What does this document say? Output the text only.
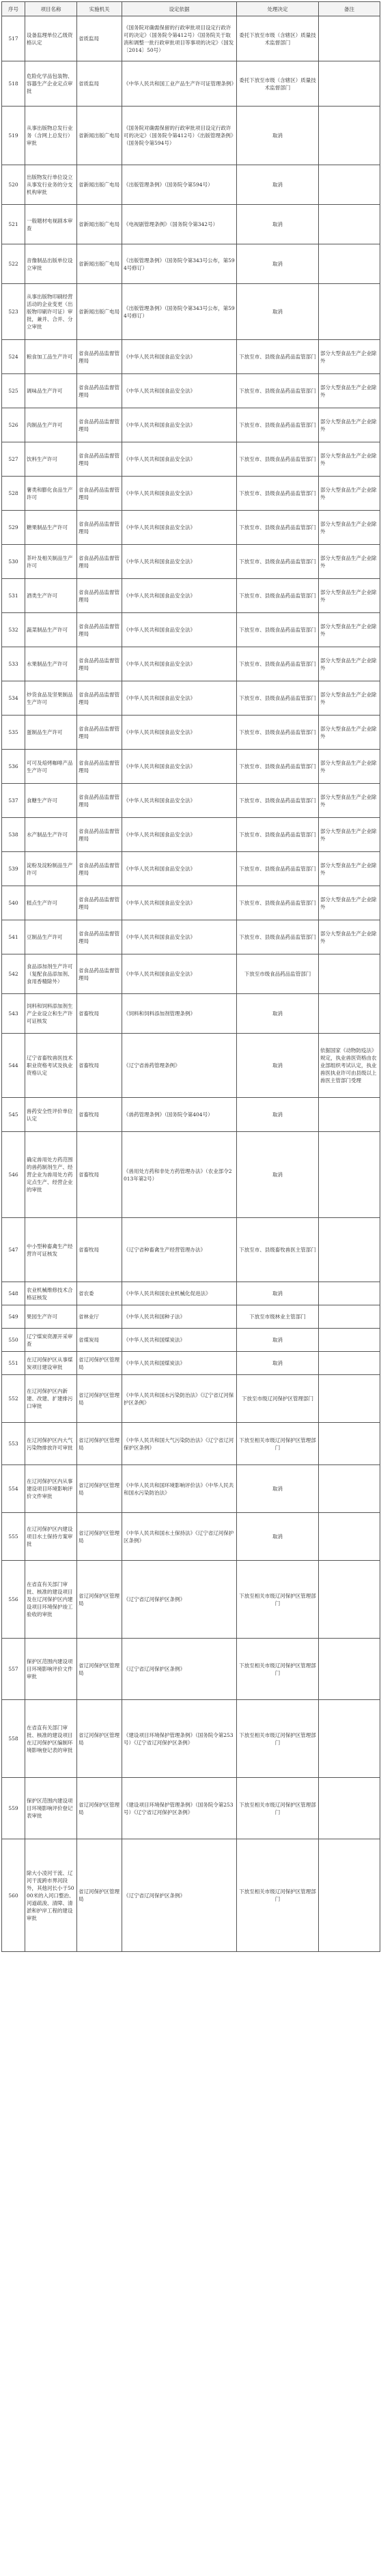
序号	项目名称	实施机关	设定依据	处理决定	备注
517	设备监理单位乙级资格认定	省质监局	《国务院对确需保留的行政审批项目设定行政许可的决定》（国务院令第412号）《国务院关于取消和调整一批行政审批项目等事项的决定》（国发〔2014〕50号）	委托下放至市级（含辖区）质量技术监督部门	
518	危险化学品包装物、容器生产企业定点审批	省质监局	《中华人民共和国工业产品生产许可证管理条例》	委托下放至市级（含辖区）质量技术监督部门	
519	从事出版物总发行业务（含网上总发行）审批	省新闻出版广电局	《国务院对确需保留的行政审批项目设定行政许可的决定》（国务院令第412号）《出版管理条例》（国务院令第594号）	取消	
520	出版物发行单位设立从事发行业务的分支机构审批	省新闻出版广电局	《出版管理条例》（国务院令第594号）	取消	
521	一般题材电视剧本审查	省新闻出版广电局	《电视剧管理条例》（国务院令第342号）	取消	
522	音像制品出版单位设立审批	省新闻出版广电局	《出版管理条例》（国务院令第343号公布，第594号修订）	取消	
523	从事出版物印刷经营活动的企业变更（出版物印刷许可证）审批，兼并、合并、分立审批	省新闻出版广电局	《出版管理条例》（国务院令第343号公布，第594号修订）	取消	
524	粮食加工品生产许可	省食品药品监督管理局	《中华人民共和国食品安全法》	下放至市、县级食品药品监管部门	部分大型食品生产企业除外
525	调味品生产许可	省食品药品监督管理局	《中华人民共和国食品安全法》	下放至市、县级食品药品监管部门	部分大型食品生产企业除外
526	肉制品生产许可	省食品药品监督管理局	《中华人民共和国食品安全法》	下放至市、县级食品药品监管部门	部分大型食品生产企业除外
527	饮料生产许可	省食品药品监督管理局	《中华人民共和国食品安全法》	下放至市、县级食品药品监管部门	部分大型食品生产企业除外
528	薯类和膨化食品生产许可	省食品药品监督管理局	《中华人民共和国食品安全法》	下放至市、县级食品药品监管部门	部分大型食品生产企业除外
529	糖果制品生产许可	省食品药品监督管理局	《中华人民共和国食品安全法》	下放至市、县级食品药品监管部门	部分大型食品生产企业除外
530	茶叶及相关制品生产许可	省食品药品监督管理局	《中华人民共和国食品安全法》	下放至市、县级食品药品监管部门	部分大型食品生产企业除外
531	酒类生产许可	省食品药品监督管理局	《中华人民共和国食品安全法》	下放至市、县级食品药品监管部门	部分大型食品生产企业除外
532	蔬菜制品生产许可	省食品药品监督管理局	《中华人民共和国食品安全法》	下放至市、县级食品药品监管部门	部分大型食品生产企业除外
533	水果制品生产许可	省食品药品监督管理局	《中华人民共和国食品安全法》	下放至市、县级食品药品监管部门	部分大型食品生产企业除外
534	炒货食品及坚果制品生产许可	省食品药品监督管理局	《中华人民共和国食品安全法》	下放至市、县级食品药品监管部门	部分大型食品生产企业除外
535	蛋制品生产许可	省食品药品监督管理局	《中华人民共和国食品安全法》	下放至市、县级食品药品监管部门	部分大型食品生产企业除外
536	可可及焙烤咖啡产品生产许可	省食品药品监督管理局	《中华人民共和国食品安全法》	下放至市、县级食品药品监管部门	部分大型食品生产企业除外
537	食糖生产许可	省食品药品监督管理局	《中华人民共和国食品安全法》	下放至市、县级食品药品监管部门	部分大型食品生产企业除外
538	水产制品生产许可	省食品药品监督管理局	《中华人民共和国食品安全法》	下放至市、县级食品药品监管部门	部分大型食品生产企业除外
539	淀粉及淀粉制品生产许可	省食品药品监督管理局	《中华人民共和国食品安全法》	下放至市、县级食品药品监管部门	部分大型食品生产企业除外
540	糕点生产许可	省食品药品监督管理局	《中华人民共和国食品安全法》	下放至市、县级食品药品监管部门	部分大型食品生产企业除外
541	豆制品生产许可	省食品药品监督管理局	《中华人民共和国食品安全法》	下放至市、县级食品药品监管部门	部分大型食品生产企业除外
542	食品添加剂生产许可（复配食品添加剂、食用香精除外）	省食品药品监督管理局	《中华人民共和国食品安全法》	下放至市级食品药品监管部门	
543	饲料和饲料添加剂生产企业设立和生产许可证核发	省畜牧局	《饲料和饲料添加剂管理条例》	取消	
544	辽宁省畜牧兽医技术职业资格考试及执业资格认定	省畜牧局	《辽宁省兽药管理条例》	取消	依据国家《动物防疫法》规定，执业兽医资格由农业部组织考试认定，执业兽医执业许可由县级以上兽医主管部门受理
545	兽药安全性评价单位认定	省畜牧局	《兽药管理条例》（国务院令第404号）	取消	
546	确定兽用处方药范围的兽药制剂生产、经营企业为兽用处方药定点生产、经营企业的审批	省畜牧局	《兽用处方药和非处方药管理办法》（农业部令2013年第2号）	取消	
547	中小型种畜禽生产经营许可证核发	省畜牧局	《辽宁省种畜禽生产经营管理办法》	下放至市、县级畜牧兽医主管部门	
548	农业机械维修技术合格证核发	省农委	《中华人民共和国农业机械化促进法》	取消	
549	果园生产许可	省林业厅	《中华人民共和国种子法》	下放至市级林业主管部门	
550	辽宁煤炭资源开采审查	省煤炭局	《中华人民共和国煤炭法》	取消	
551	在辽河保护区从事煤炭项目建设审批	省辽河保护区管理局	《中华人民共和国煤炭法》	取消	
552	在辽河保护区内新建、改建、扩建排污口审批	省辽河保护区管理局	《中华人民共和国水污染防治法》《辽宁省辽河保护区条例》	下放至市级辽河保护区管理部门	
553	在辽河保护区内大气污染物排放许可审批	省辽河保护区管理局	《中华人民共和国大气污染防治法》《辽宁省辽河保护区条例》	下放至相关市级辽河保护区管理部门	
554	在辽河保护区内从事建设项目环境影响评价文件审批	省辽河保护区管理局	《中华人民共和国环境影响评价法》《中华人民共和国水污染防治法》	取消	
555	在辽河保护区内建设项目水土保持方案审批	省辽河保护区管理局	《中华人民共和国水土保持法》《辽宁省辽河保护区条例》	取消	
556	在省直有关部门审批、核准的建设项目及在辽河保护区内建设项目环境保护竣工验收的审批	省辽河保护区管理局	《辽宁省辽河保护区条例》	下放至相关市级辽河保护区管理部门	
557	保护区范围内建设项目环境影响评价文件审批	省辽河保护区管理局	《辽宁省辽河保护区条例》	下放至相关市级辽河保护区管理部门	
558	在省直有关部门审批、核准的建设项目在辽河保护区编制环境影响登记表的审批	省辽河保护区管理局	《建设项目环境保护管理条例》（国务院令第253号）《辽宁省辽河保护区条例》	下放至相关市级辽河保护区管理部门	
559	保护区范围内建设项目环境影响评价登记表审批	省辽河保护区管理局	《建设项目环境保护管理条例》（国务院令第253号）《辽宁省辽河保护区条例》	下放至相关市级辽河保护区管理部门	
560	除大小凌河干流、辽河干流跨市界河段外，其他河长小于5000米的入河口整治、河道疏浚、清障、清淤和护岸工程的建设审批	省辽河保护区管理局	《辽宁省辽河保护区条例》	下放至相关市级辽河保护区管理部门	
